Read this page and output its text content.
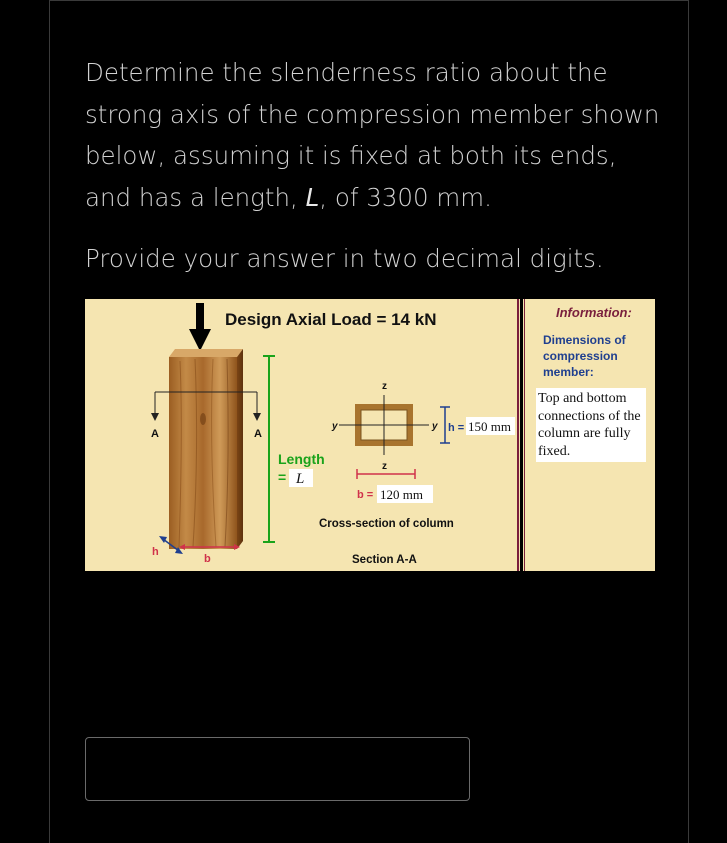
Determine the slenderness ratio about the strong axis of the compression member shown below, assuming it is fixed at both its ends, and has a length, L, of 3300 mm.
Provide your answer in two decimal digits.
Design Axial Load = 14 kN
A	A
Length
= L
h
b
z
z
y	y h = 150 mm
b = 120 mm
Cross-section of column
Section A-A
Information:
Dimensions of
compression
member:
Top and bottom connections of the column are fully fixed.
